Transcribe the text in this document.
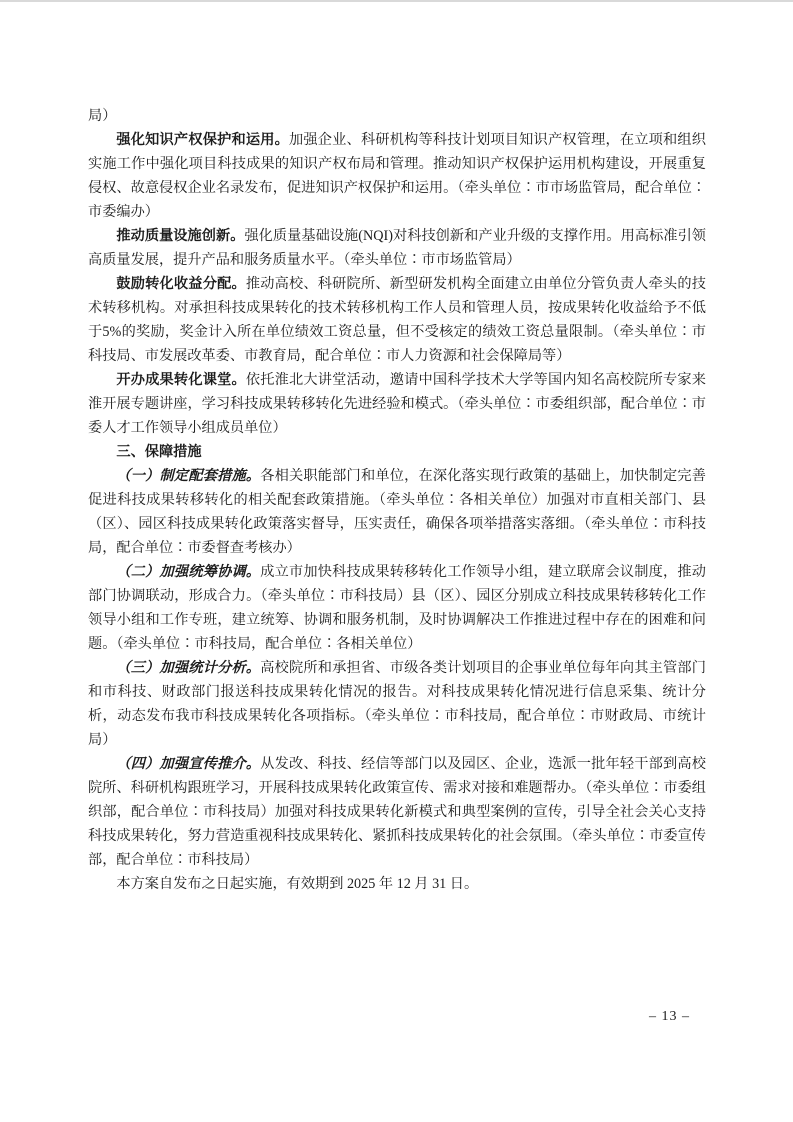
局）

强化知识产权保护和运用。加强企业、科研机构等科技计划项目知识产权管理，在立项和组织实施工作中强化项目科技成果的知识产权布局和管理。推动知识产权保护运用机构建设，开展重复侵权、故意侵权企业名录发布，促进知识产权保护和运用。（牵头单位∶市市场监管局，配合单位∶市委编办）

推动质量设施创新。强化质量基础设施(NQI)对科技创新和产业升级的支撑作用。用高标准引领高质量发展，提升产品和服务质量水平。（牵头单位∶市市场监管局）

鼓励转化收益分配。推动高校、科研院所、新型研发机构全面建立由单位分管负责人牵头的技术转移机构。对承担科技成果转化的技术转移机构工作人员和管理人员，按成果转化收益给予不低于5%的奖励，奖金计入所在单位绩效工资总量，但不受核定的绩效工资总量限制。（牵头单位∶市科技局、市发展改革委、市教育局，配合单位∶市人力资源和社会保障局等）

开办成果转化课堂。依托淮北大讲堂活动，邀请中国科学技术大学等国内知名高校院所专家来淮开展专题讲座，学习科技成果转移转化先进经验和模式。（牵头单位∶市委组织部，配合单位∶市委人才工作领导小组成员单位）

三、保障措施

（一）制定配套措施。各相关职能部门和单位，在深化落实现行政策的基础上，加快制定完善促进科技成果转移转化的相关配套政策措施。（牵头单位∶各相关单位）加强对市直相关部门、县（区）、园区科技成果转化政策落实督导，压实责任，确保各项举措落实落细。（牵头单位∶市科技局，配合单位∶市委督查考核办）

（二）加强统筹协调。成立市加快科技成果转移转化工作领导小组，建立联席会议制度，推动部门协调联动，形成合力。（牵头单位∶市科技局）县（区）、园区分别成立科技成果转移转化工作领导小组和工作专班，建立统筹、协调和服务机制，及时协调解决工作推进过程中存在的困难和问题。（牵头单位∶市科技局，配合单位∶各相关单位）

（三）加强统计分析。高校院所和承担省、市级各类计划项目的企事业单位每年向其主管部门和市科技、财政部门报送科技成果转化情况的报告。对科技成果转化情况进行信息采集、统计分析，动态发布我市科技成果转化各项指标。（牵头单位∶市科技局，配合单位∶市财政局、市统计局）

（四）加强宣传推介。从发改、科技、经信等部门以及园区、企业，选派一批年轻干部到高校院所、科研机构跟班学习，开展科技成果转化政策宣传、需求对接和难题帮办。（牵头单位∶市委组织部，配合单位∶市科技局）加强对科技成果转化新模式和典型案例的宣传，引导全社会关心支持科技成果转化，努力营造重视科技成果转化、紧抓科技成果转化的社会氛围。（牵头单位∶市委宣传部，配合单位∶市科技局）

本方案自发布之日起实施，有效期到 2025 年 12 月 31 日。

– 13 –
